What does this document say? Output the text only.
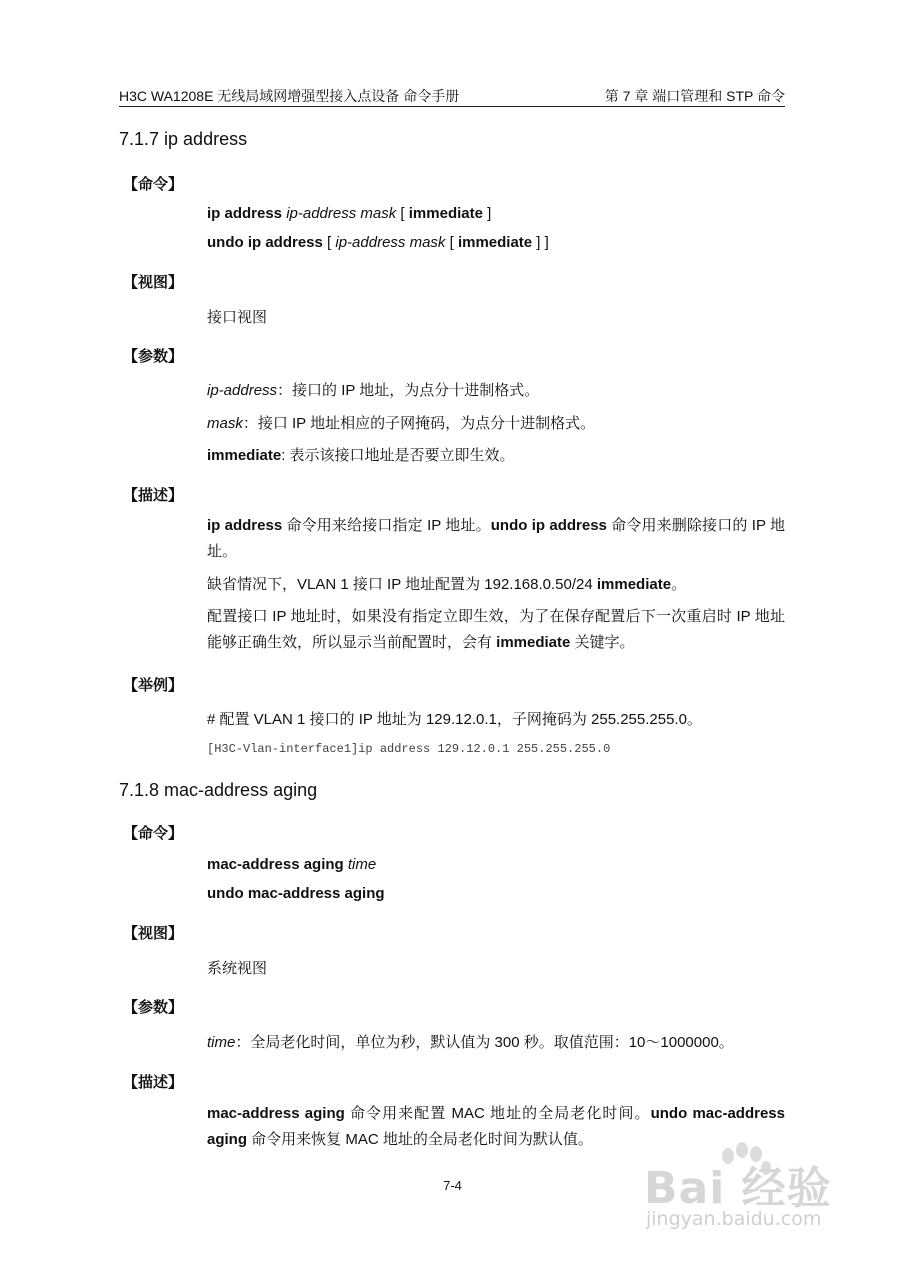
H3C WA1208E 无线局域网增强型接入点设备 命令手册	第 7 章 端口管理和 STP 命令
7.1.7 ip address
【命令】
ip address ip-address mask [ immediate ]
undo ip address [ ip-address mask [ immediate ] ]
【视图】
接口视图
【参数】
ip-address：接口的 IP 地址，为点分十进制格式。
mask：接口 IP 地址相应的子网掩码，为点分十进制格式。
immediate: 表示该接口地址是否要立即生效。
【描述】
ip address 命令用来给接口指定 IP 地址。undo ip address 命令用来删除接口的 IP 地址。
缺省情况下，VLAN 1 接口 IP 地址配置为 192.168.0.50/24 immediate。
配置接口 IP 地址时，如果没有指定立即生效，为了在保存配置后下一次重启时 IP 地址能够正确生效，所以显示当前配置时，会有 immediate 关键字。
【举例】
# 配置 VLAN 1 接口的 IP 地址为 129.12.0.1，子网掩码为 255.255.255.0。
[H3C-Vlan-interface1]ip address 129.12.0.1 255.255.255.0
7.1.8 mac-address aging
【命令】
mac-address aging time
undo mac-address aging
【视图】
系统视图
【参数】
time：全局老化时间，单位为秒，默认值为 300 秒。取值范围：10～1000000。
【描述】
mac-address aging 命令用来配置 MAC 地址的全局老化时间。undo mac-address aging 命令用来恢复 MAC 地址的全局老化时间为默认值。
7-4	Bai 经验
jingyan.baidu.com
